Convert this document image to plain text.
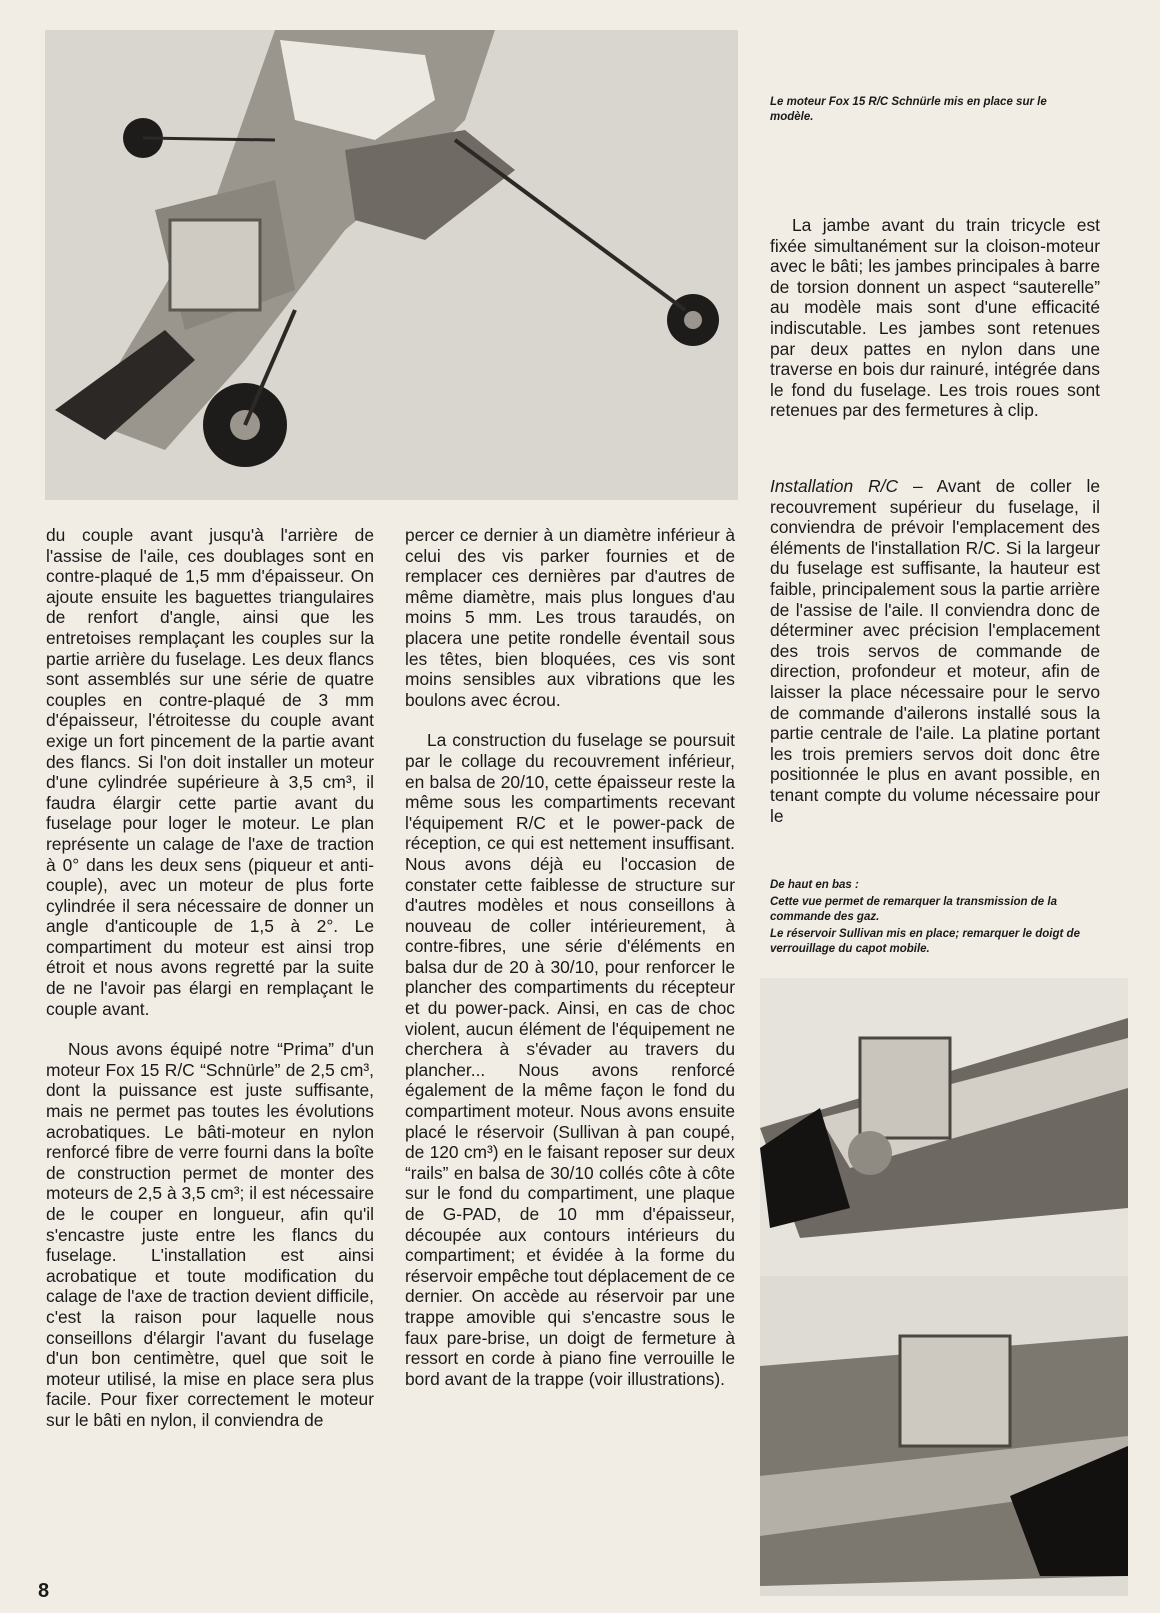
Le moteur Fox 15 R/C Schnürle mis en place sur le modèle.

La jambe avant du train tricycle est fixée simultanément sur la cloison-moteur avec le bâti; les jambes principales à barre de torsion donnent un aspect “sauterelle” au modèle mais sont d'une efficacité indiscutable. Les jambes sont retenues par deux pattes en nylon dans une traverse en bois dur rainuré, intégrée dans le fond du fuselage. Les trois roues sont retenues par des fermetures à clip.

Installation R/C – Avant de coller le recouvrement supérieur du fuselage, il conviendra de prévoir l'emplacement des éléments de l'installation R/C. Si la largeur du fuselage est suffisante, la hauteur est faible, principalement sous la partie arrière de l'assise de l'aile. Il conviendra donc de déterminer avec précision l'emplacement des trois servos de commande de direction, profondeur et moteur, afin de laisser la place nécessaire pour le servo de commande d'ailerons installé sous la partie centrale de l'aile. La platine portant les trois premiers servos doit donc être positionnée le plus en avant possible, en tenant compte du volume nécessaire pour le

De haut en bas :
Cette vue permet de remarquer la transmission de la commande des gaz.
Le réservoir Sullivan mis en place; remarquer le doigt de verrouillage du capot mobile.

du couple avant jusqu'à l'arrière de l'assise de l'aile, ces doublages sont en contre-plaqué de 1,5 mm d'épaisseur. On ajoute ensuite les baguettes triangulaires de renfort d'angle, ainsi que les entretoises remplaçant les couples sur la partie arrière du fuselage. Les deux flancs sont assemblés sur une série de quatre couples en contre-plaqué de 3 mm d'épaisseur, l'étroitesse du couple avant exige un fort pincement de la partie avant des flancs. Si l'on doit installer un moteur d'une cylindrée supérieure à 3,5 cm³, il faudra élargir cette partie avant du fuselage pour loger le moteur. Le plan représente un calage de l'axe de traction à 0° dans les deux sens (piqueur et anti-couple), avec un moteur de plus forte cylindrée il sera nécessaire de donner un angle d'anticouple de 1,5 à 2°. Le compartiment du moteur est ainsi trop étroit et nous avons regretté par la suite de ne l'avoir pas élargi en remplaçant le couple avant.

Nous avons équipé notre “Prima” d'un moteur Fox 15 R/C “Schnürle” de 2,5 cm³, dont la puissance est juste suffisante, mais ne permet pas toutes les évolutions acrobatiques. Le bâti-moteur en nylon renforcé fibre de verre fourni dans la boîte de construction permet de monter des moteurs de 2,5 à 3,5 cm³; il est nécessaire de le couper en longueur, afin qu'il s'encastre juste entre les flancs du fuselage. L'installation est ainsi acrobatique et toute modification du calage de l'axe de traction devient difficile, c'est la raison pour laquelle nous conseillons d'élargir l'avant du fuselage d'un bon centimètre, quel que soit le moteur utilisé, la mise en place sera plus facile. Pour fixer correctement le moteur sur le bâti en nylon, il conviendra de

percer ce dernier à un diamètre inférieur à celui des vis parker fournies et de remplacer ces dernières par d'autres de même diamètre, mais plus longues d'au moins 5 mm. Les trous taraudés, on placera une petite rondelle éventail sous les têtes, bien bloquées, ces vis sont moins sensibles aux vibrations que les boulons avec écrou.

La construction du fuselage se poursuit par le collage du recouvrement inférieur, en balsa de 20/10, cette épaisseur reste la même sous les compartiments recevant l'équipement R/C et le power-pack de réception, ce qui est nettement insuffisant. Nous avons déjà eu l'occasion de constater cette faiblesse de structure sur d'autres modèles et nous conseillons à nouveau de coller intérieurement, à contre-fibres, une série d'éléments en balsa dur de 20 à 30/10, pour renforcer le plancher des compartiments du récepteur et du power-pack. Ainsi, en cas de choc violent, aucun élément de l'équipement ne cherchera à s'évader au travers du plancher... Nous avons renforcé également de la même façon le fond du compartiment moteur. Nous avons ensuite placé le réservoir (Sullivan à pan coupé, de 120 cm³) en le faisant reposer sur deux “rails” en balsa de 30/10 collés côte à côte sur le fond du compartiment, une plaque de G-PAD, de 10 mm d'épaisseur, découpée aux contours intérieurs du compartiment; et évidée à la forme du réservoir empêche tout déplacement de ce dernier. On accède au réservoir par une trappe amovible qui s'encastre sous le faux pare-brise, un doigt de fermeture à ressort en corde à piano fine verrouille le bord avant de la trappe (voir illustrations).

8
